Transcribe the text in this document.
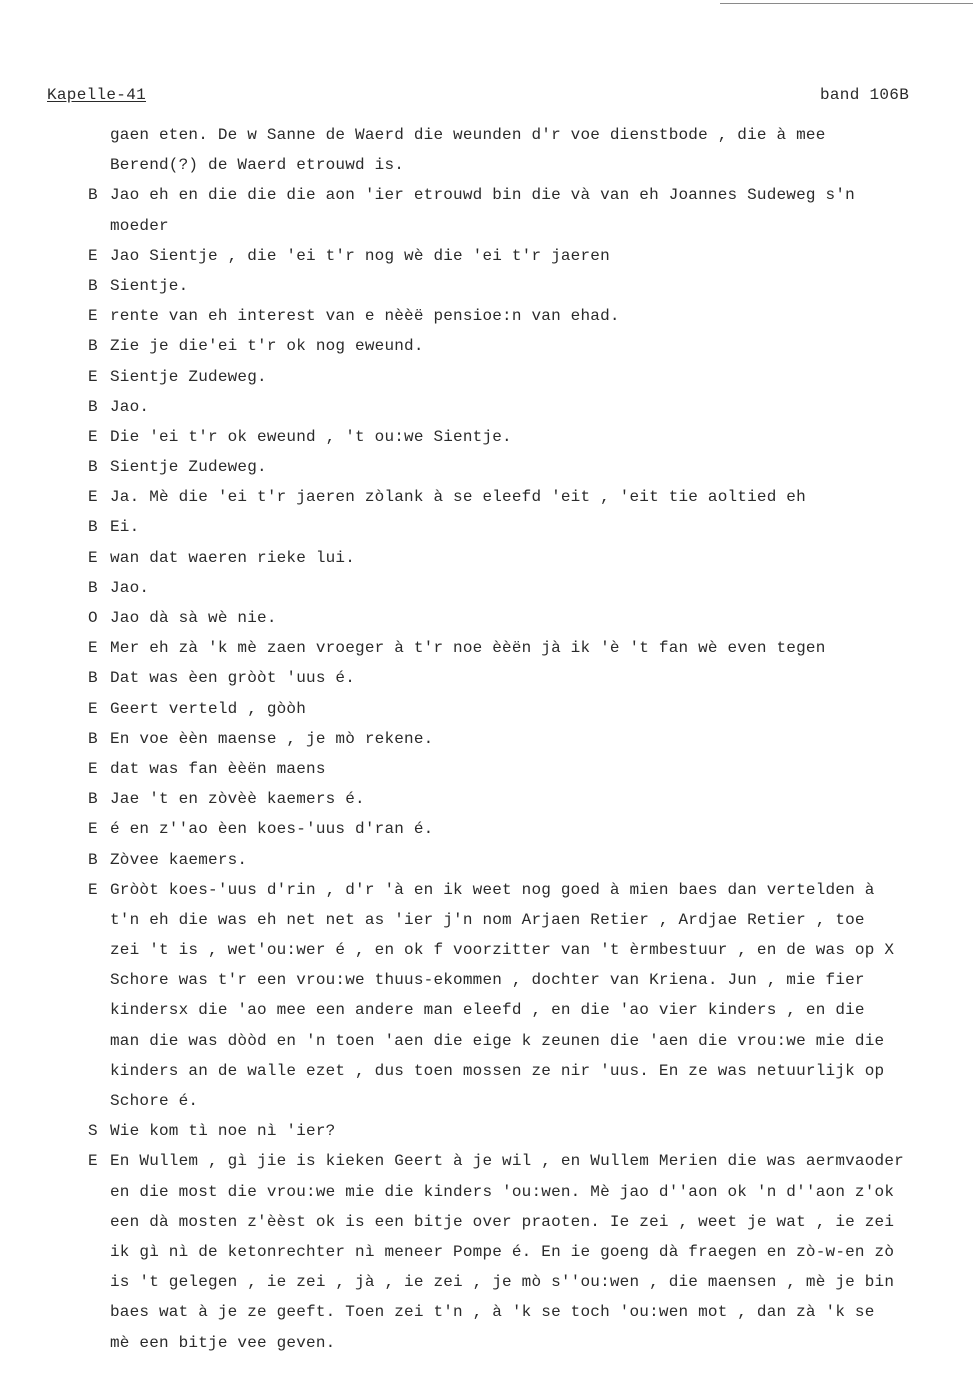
Kapelle-41	band 106B
gaen eten. De w Sanne de Waerd die weunden d'r voe dienstbode , die à mee
Berend(?) de Waerd etrouwd is.
B Jao eh en die die die aon 'ier etrouwd bin die và van eh Joannes Sudeweg s'n
moeder
E Jao Sientje , die 'ei t'r nog wè die 'ei t'r jaeren
B Sientje.
E rente van eh interest van e nèèë pensioe:n van ehad.
B Zie je die'ei t'r ok nog eweund.
E Sientje Zudeweg.
B Jao.
E Die 'ei t'r ok eweund , 't ou:we Sientje.
B Sientje Zudeweg.
E Ja. Mè die 'ei t'r jaeren zòlank à se eleefd 'eit , 'eit tie aoltied eh
B Ei.
E wan dat waeren rieke lui.
B Jao.
O Jao dà sà wè nie.
E Mer eh zà 'k mè zaen vroeger à t'r noe èèën jà ik 'è 't fan wè even tegen
B Dat was èen gròòt 'uus é.
E Geert verteld , gòòh
B En voe èèn maense , je mò rekene.
E dat was fan èèën maens
B Jae 't en zòvèè kaemers é.
E é en z''ao èen koes-'uus d'ran é.
B Zòvee kaemers.
E Gròòt koes-'uus d'rin , d'r 'à en ik weet nog goed à mien baes dan vertelden à
t'n eh die was eh net net as 'ier j'n nom Arjaen Retier , Ardjae Retier , toe
zei 't is , wet'ou:wer é , en ok f voorzitter van 't èrmbestuur , en de was op X
Schore was t'r een vrou:we thuus-ekommen , dochter van Kriena. Jun , mie fier
kindersx die 'ao mee een andere man eleefd , en die 'ao vier kinders , en die
man die was dòòd en 'n toen 'aen die eige k zeunen die 'aen die vrou:we mie die
kinders an de walle ezet , dus toen mossen ze nir 'uus. En ze was netuurlijk op
Schore é.
S Wie kom tì noe nì 'ier?
E En Wullem , gì jie is kieken Geert à je wil , en Wullem Merien die was aermvaoder
en die most die vrou:we mie die kinders 'ou:wen. Mè jao d''aon ok 'n d''aon z'ok
een dà mosten z'èèst ok is een bitje over praoten. Ie zei , weet je wat , ie zei
ik gì nì de ketonrechter nì meneer Pompe é. En ie goeng dà fraegen en zò-w-en zò
is 't gelegen , ie zei , jà , ie zei , je mò s''ou:wen , die maensen , mè je bin
baes wat à je ze geeft. Toen zei t'n , à 'k se toch 'ou:wen mot , dan zà 'k se
mè een bitje vee geven.
